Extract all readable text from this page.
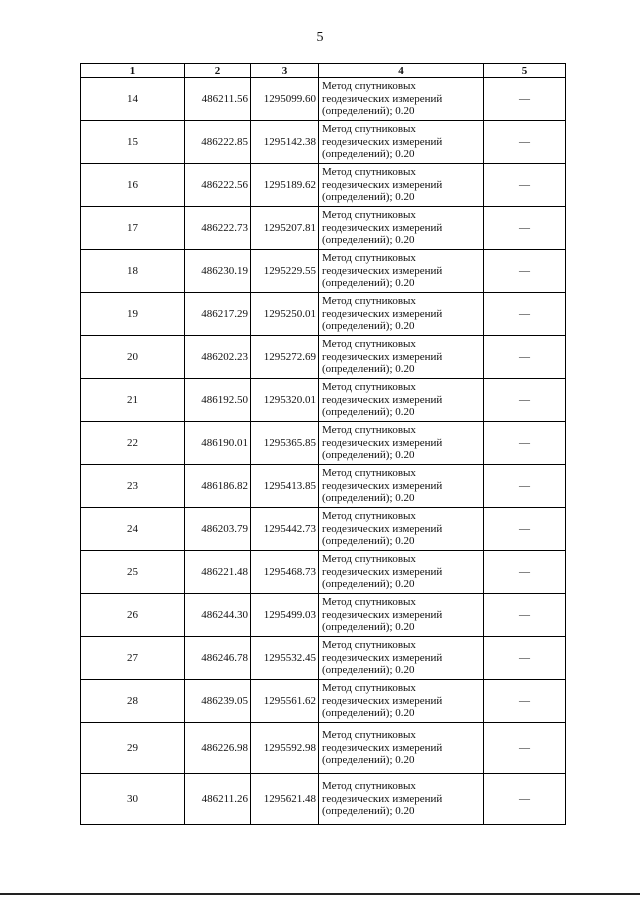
5
1	2	3	4	5
14	486211.56	1295099.60	Метод спутниковых геодезических измерений (определений); 0.20	—
15	486222.85	1295142.38	Метод спутниковых геодезических измерений (определений); 0.20	—
16	486222.56	1295189.62	Метод спутниковых геодезических измерений (определений); 0.20	—
17	486222.73	1295207.81	Метод спутниковых геодезических измерений (определений); 0.20	—
18	486230.19	1295229.55	Метод спутниковых геодезических измерений (определений); 0.20	—
19	486217.29	1295250.01	Метод спутниковых геодезических измерений (определений); 0.20	—
20	486202.23	1295272.69	Метод спутниковых геодезических измерений (определений); 0.20	—
21	486192.50	1295320.01	Метод спутниковых геодезических измерений (определений); 0.20	—
22	486190.01	1295365.85	Метод спутниковых геодезических измерений (определений); 0.20	—
23	486186.82	1295413.85	Метод спутниковых геодезических измерений (определений); 0.20	—
24	486203.79	1295442.73	Метод спутниковых геодезических измерений (определений); 0.20	—
25	486221.48	1295468.73	Метод спутниковых геодезических измерений (определений); 0.20	—
26	486244.30	1295499.03	Метод спутниковых геодезических измерений (определений); 0.20	—
27	486246.78	1295532.45	Метод спутниковых геодезических измерений (определений); 0.20	—
28	486239.05	1295561.62	Метод спутниковых геодезических измерений (определений); 0.20	—
29	486226.98	1295592.98	Метод спутниковых геодезических измерений (определений); 0.20	—
30	486211.26	1295621.48	Метод спутниковых геодезических измерений (определений); 0.20	—
